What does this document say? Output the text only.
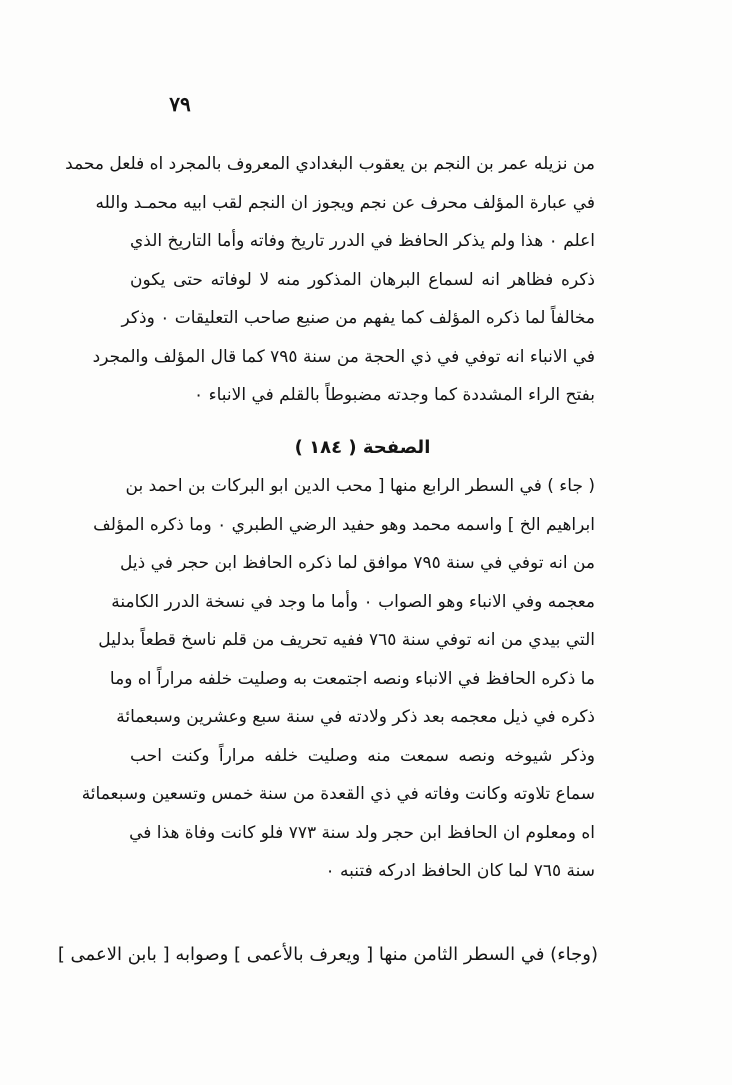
٧٩
من نزيله عمر بن النجم بن يعقوب البغدادي المعروف بالمجرد اه فلعل محمد
في عبارة المؤلف محرف عن نجم ويجوز ان النجم لقب ابيه محمـد والله
اعلم ٠ هذا ولم يذكر الحافظ في الدرر تاريخ وفاته وأما التاريخ الذي
ذكره فظاهر انه لسماع البرهان المذكور منه لا لوفاته حتى يكون
مخالفاً لما ذكره المؤلف كما يفهم من صنيع صاحب التعليقات ٠ وذكر
في الانباء انه توفي في ذي الحجة من سنة ٧٩٥ كما قال المؤلف والمجرد
بفتح الراء المشددة كما وجدته مضبوطاً بالقلم في الانباء ٠
الصفحة ( ١٨٤ )
( جاء ) في السطر الرابع منها [ محب الدين ابو البركات بن احمد بن
ابراهيم الخ ] واسمه محمد وهو حفيد الرضي الطبري ٠ وما ذكره المؤلف
من انه توفي في سنة ٧٩٥ موافق لما ذكره الحافظ ابن حجر في ذيل
معجمه وفي الانباء وهو الصواب ٠ وأما ما وجد في نسخة الدرر الكامنة
التي بيدي من انه توفي سنة ٧٦٥ ففيه تحريف من قلم ناسخ قطعاً بدليل
ما ذكره الحافظ في الانباء ونصه اجتمعت به وصليت خلفه مراراً اه وما
ذكره في ذيل معجمه بعد ذكر ولادته في سنة سبع وعشرين وسبعمائة
وذكر شيوخه ونصه سمعت منه وصليت خلفه مراراً وكنت احب
سماع تلاوته وكانت وفاته في ذي القعدة من سنة خمس وتسعين وسبعمائة
اه ومعلوم ان الحافظ ابن حجر ولد سنة ٧٧٣ فلو كانت وفاة هذا في
سنة ٧٦٥ لما كان الحافظ ادركه فتنبه ٠
(وجاء) في السطر الثامن منها [ ويعرف بالأعمى ] وصوابه [ بابن الاعمى ]
